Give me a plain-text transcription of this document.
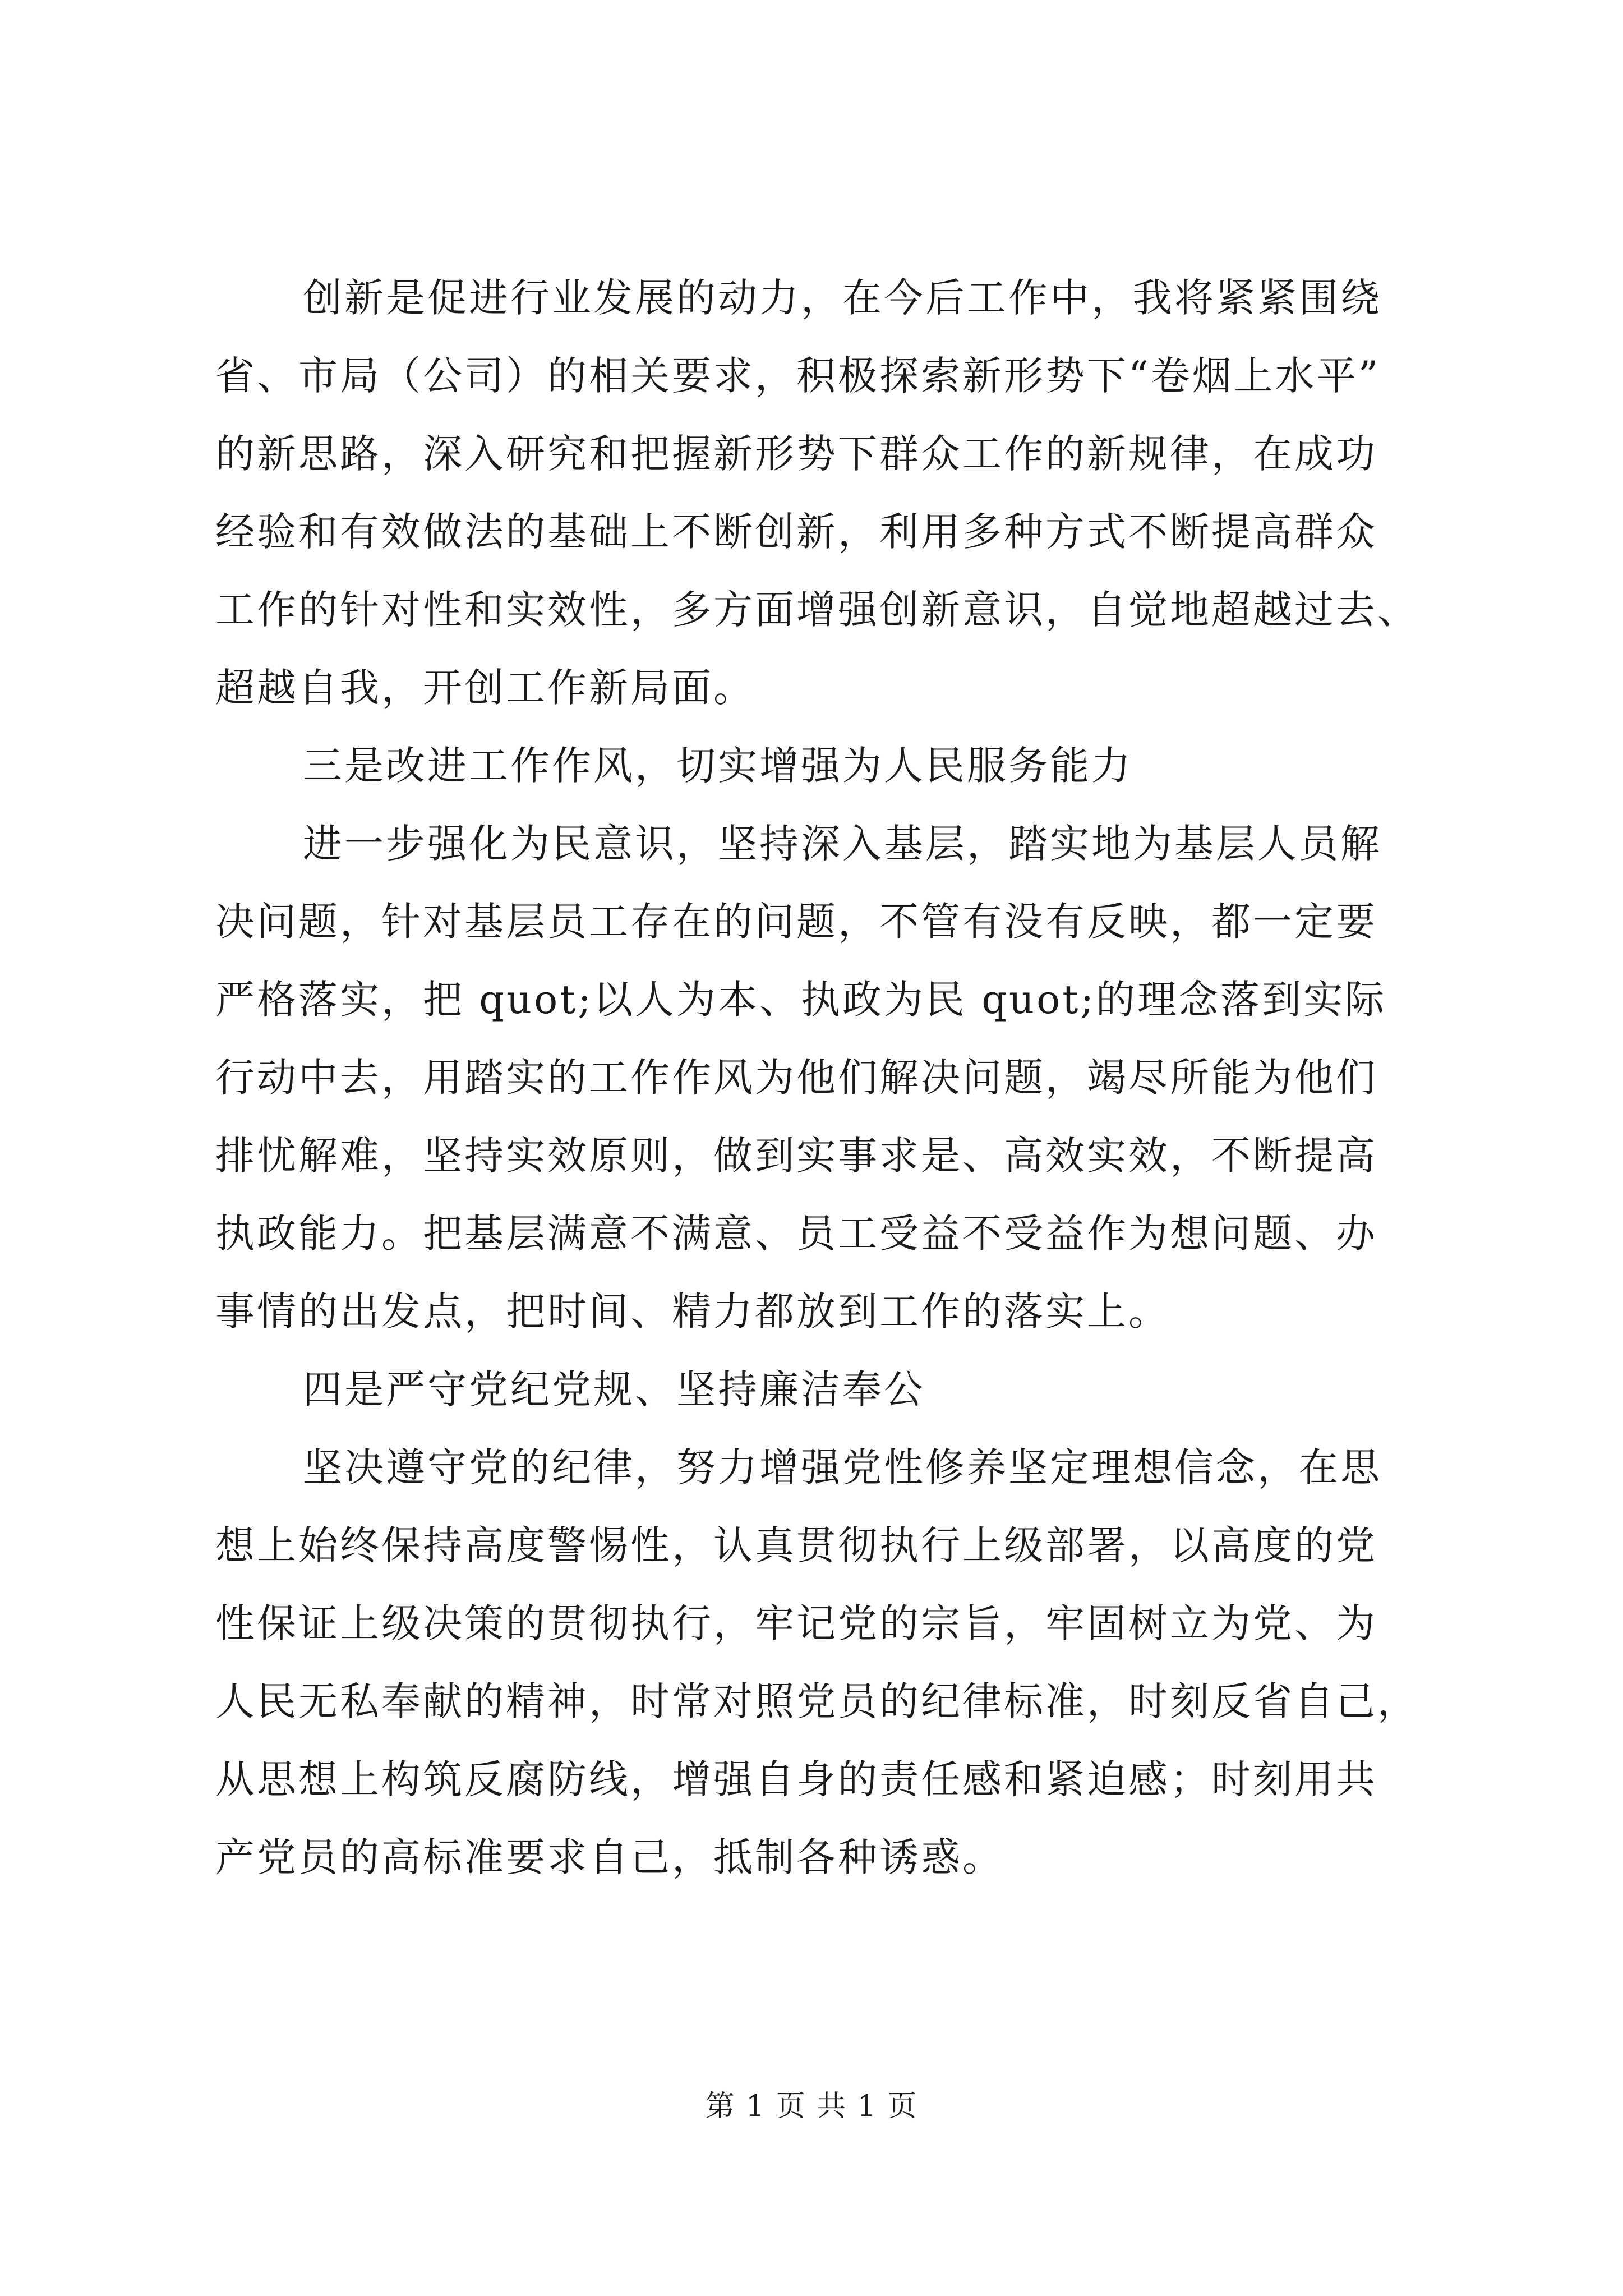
创新是促进行业发展的动力，在今后工作中，我将紧紧围绕
省、市局（公司）的相关要求，积极探索新形势下“卷烟上水平”
的新思路，深入研究和把握新形势下群众工作的新规律，在成功
经验和有效做法的基础上不断创新，利用多种方式不断提高群众
工作的针对性和实效性，多方面增强创新意识，自觉地超越过去、
超越自我，开创工作新局面。
三是改进工作作风，切实增强为人民服务能力
进一步强化为民意识，坚持深入基层，踏实地为基层人员解
决问题，针对基层员工存在的问题，不管有没有反映，都一定要
严格落实，把 quot;以人为本、执政为民 quot;的理念落到实际
行动中去，用踏实的工作作风为他们解决问题，竭尽所能为他们
排忧解难，坚持实效原则，做到实事求是、高效实效，不断提高
执政能力。把基层满意不满意、员工受益不受益作为想问题、办
事情的出发点，把时间、精力都放到工作的落实上。
四是严守党纪党规、坚持廉洁奉公
坚决遵守党的纪律，努力增强党性修养坚定理想信念，在思
想上始终保持高度警惕性，认真贯彻执行上级部署，以高度的党
性保证上级决策的贯彻执行，牢记党的宗旨，牢固树立为党、为
人民无私奉献的精神，时常对照党员的纪律标准，时刻反省自己，
从思想上构筑反腐防线，增强自身的责任感和紧迫感；时刻用共
产党员的高标准要求自己，抵制各种诱惑。
第 1 页 共 1 页
